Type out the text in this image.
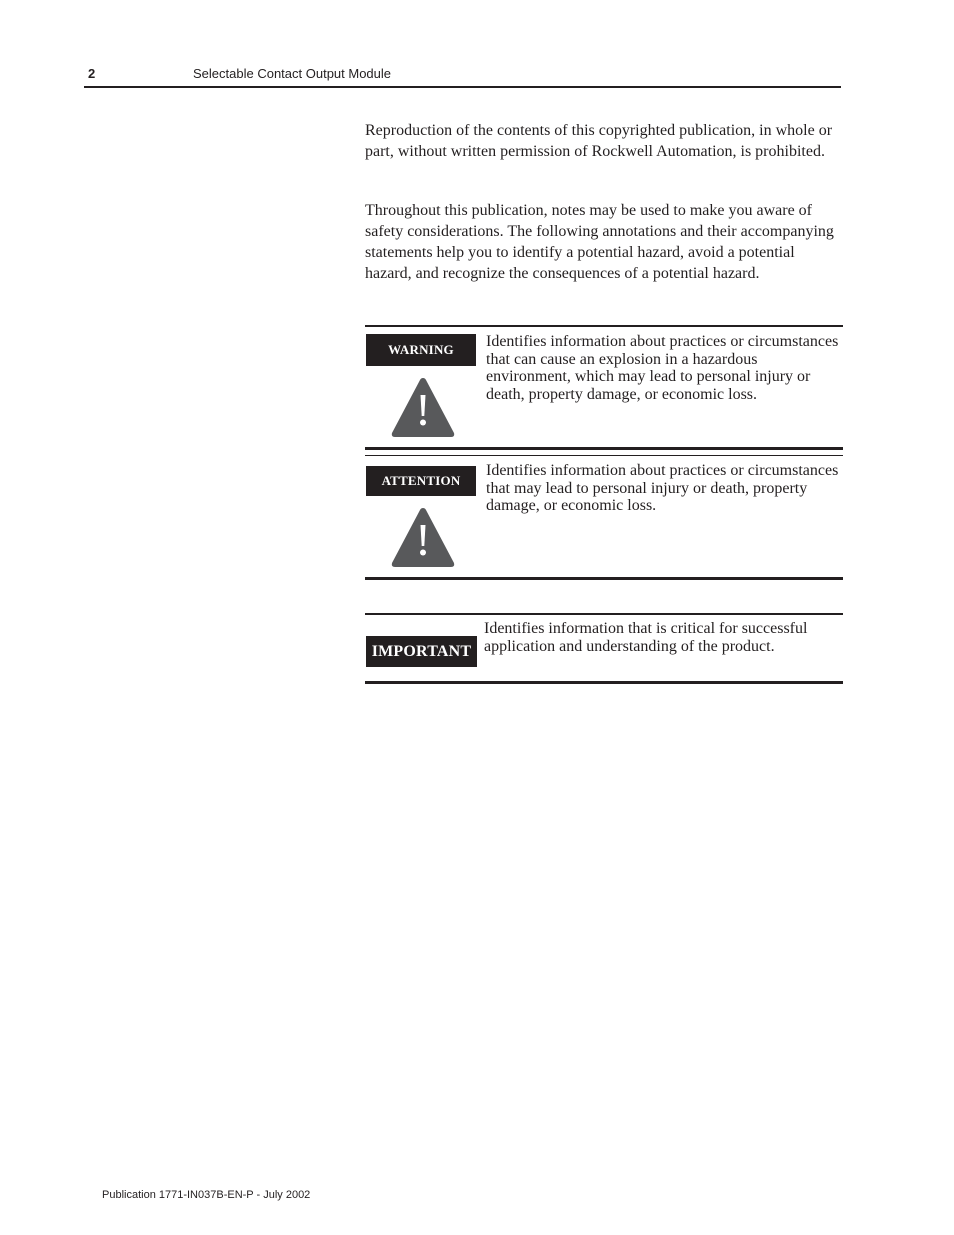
2	Selectable Contact Output Module

Reproduction of the contents of this copyrighted publication, in whole or part, without written permission of Rockwell Automation, is prohibited.

Throughout this publication, notes may be used to make you aware of safety considerations. The following annotations and their accompanying statements help you to identify a potential hazard, avoid a potential hazard, and recognize the consequences of a potential hazard.

WARNING	Identifies information about practices or circumstances that can cause an explosion in a hazardous environment, which may lead to personal injury or death, property damage, or economic loss.

ATTENTION

Identifies information about practices or circumstances that may lead to personal injury or death, property damage, or economic loss.

IMPORTANT

Identifies information that is critical for successful application and understanding of the product.

Publication 1771-IN037B-EN-P - July 2002
